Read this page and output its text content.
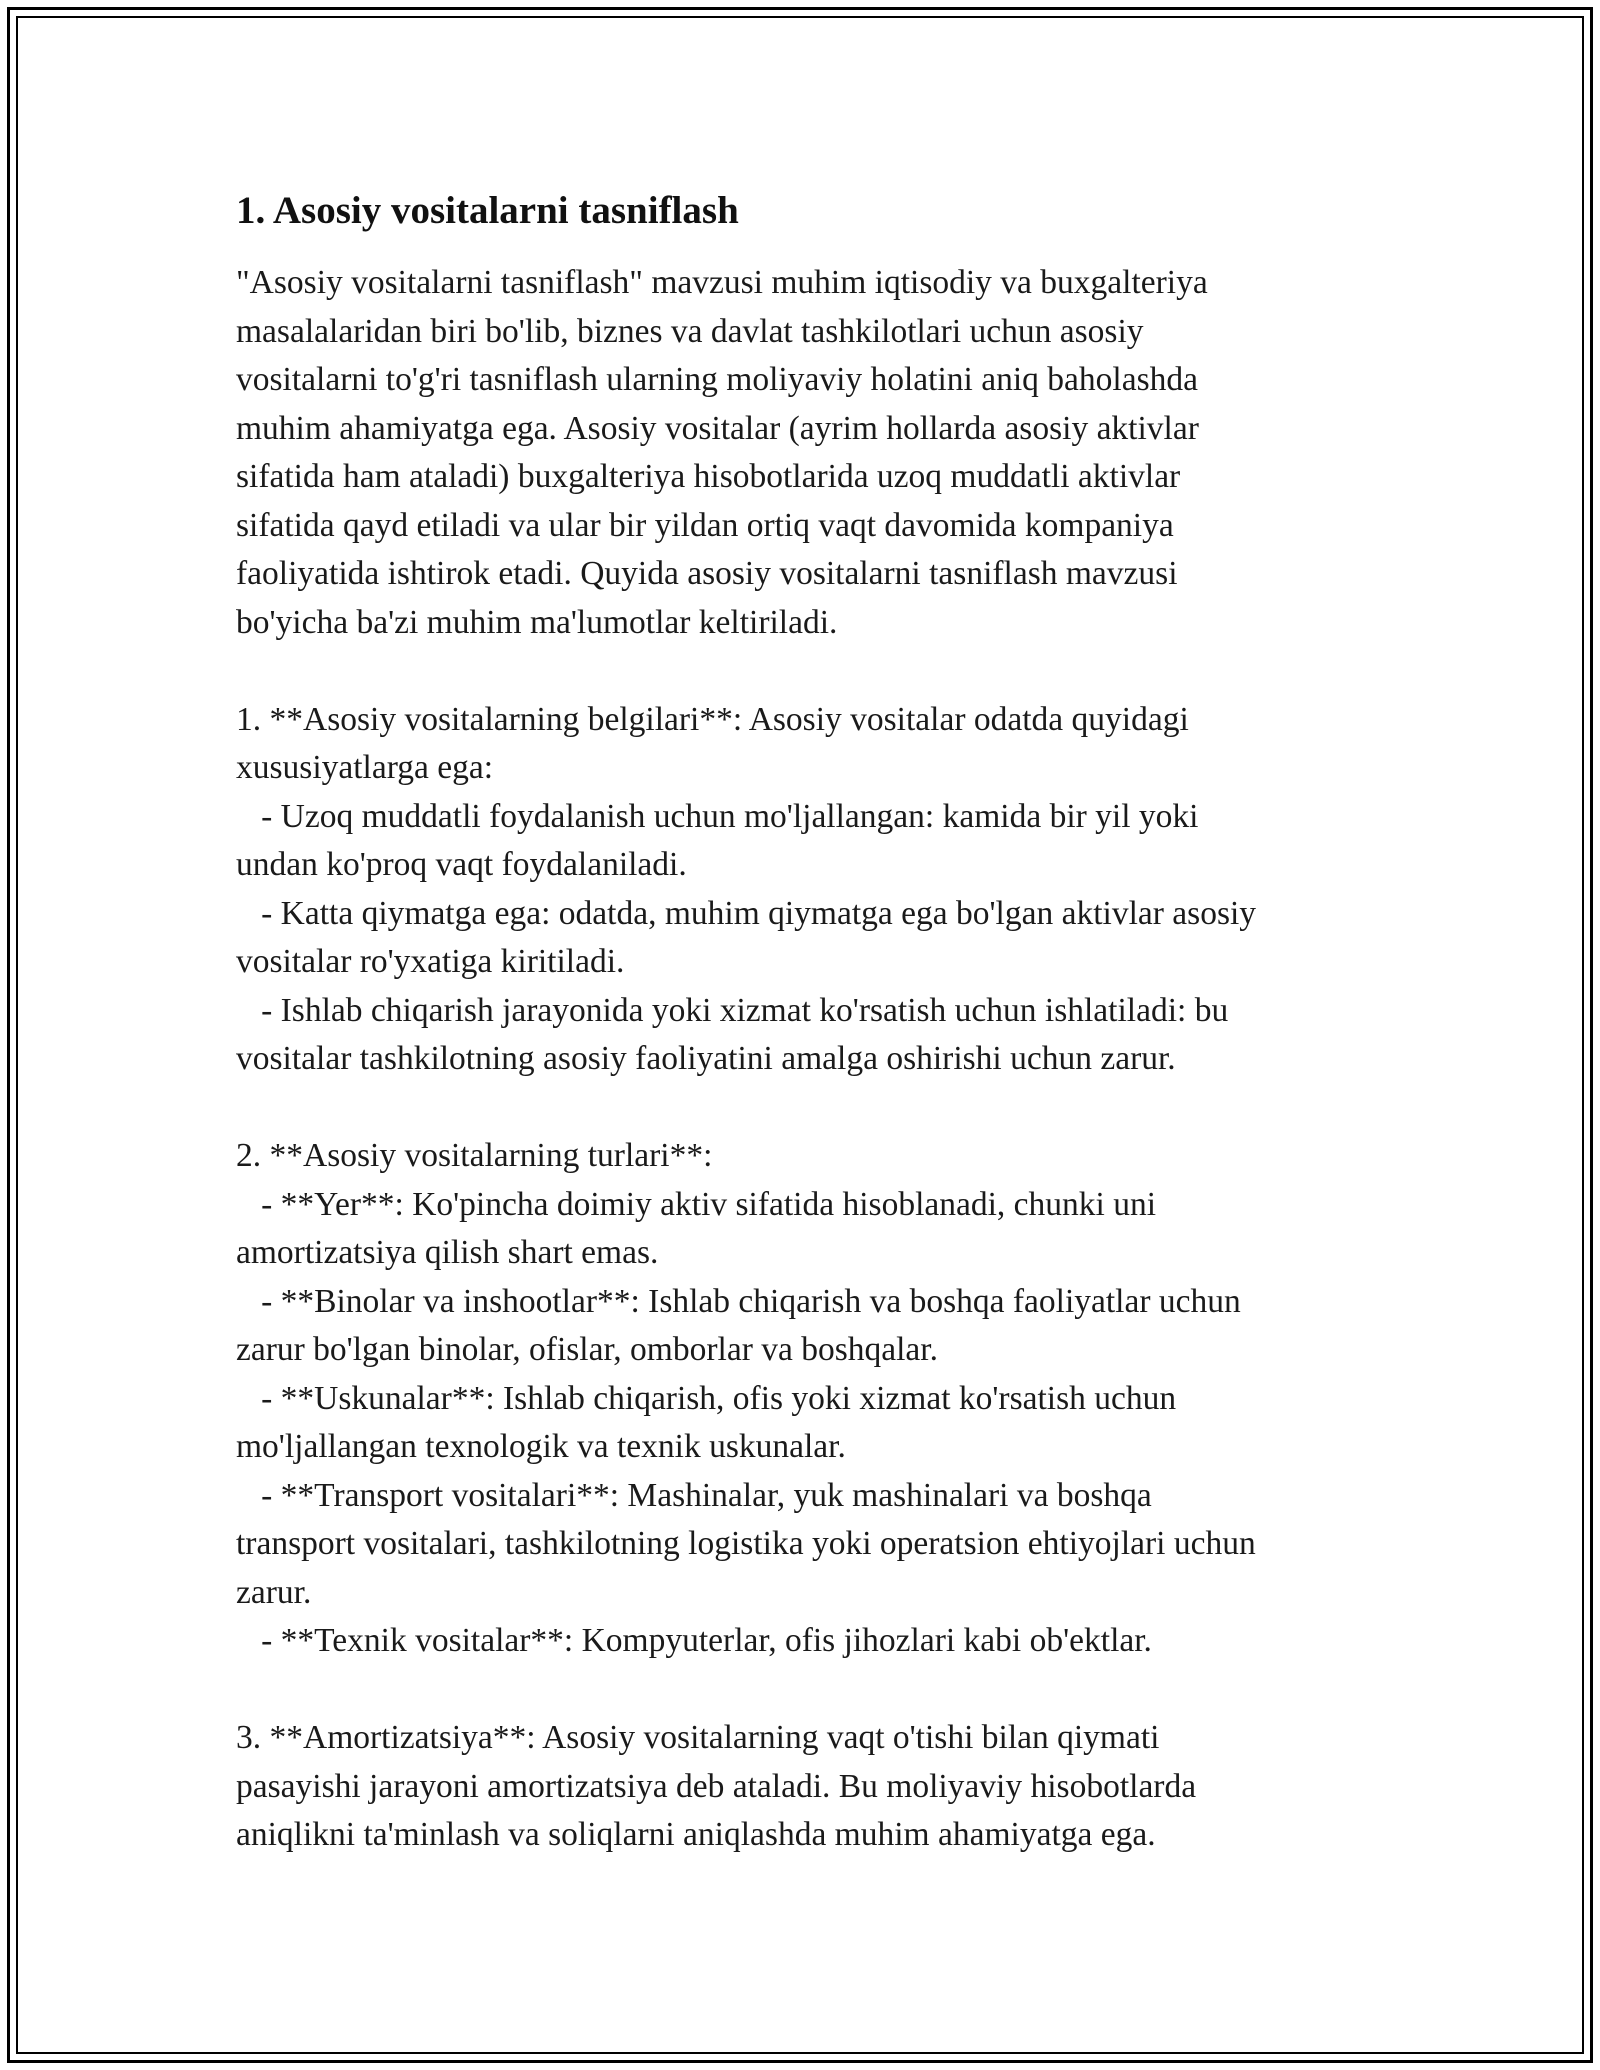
1. Asosiy vositalarni tasniflash

"Asosiy vositalarni tasniflash" mavzusi muhim iqtisodiy va buxgalteriya
masalalaridan biri bo'lib, biznes va davlat tashkilotlari uchun asosiy
vositalarni to'g'ri tasniflash ularning moliyaviy holatini aniq baholashda
muhim ahamiyatga ega. Asosiy vositalar (ayrim hollarda asosiy aktivlar
sifatida ham ataladi) buxgalteriya hisobotlarida uzoq muddatli aktivlar
sifatida qayd etiladi va ular bir yildan ortiq vaqt davomida kompaniya
faoliyatida ishtirok etadi. Quyida asosiy vositalarni tasniflash mavzusi
bo'yicha ba'zi muhim ma'lumotlar keltiriladi.

1. **Asosiy vositalarning belgilari**: Asosiy vositalar odatda quyidagi
xususiyatlarga ega:
- Uzoq muddatli foydalanish uchun mo'ljallangan: kamida bir yil yoki
undan ko'proq vaqt foydalaniladi.
- Katta qiymatga ega: odatda, muhim qiymatga ega bo'lgan aktivlar asosiy
vositalar ro'yxatiga kiritiladi.
- Ishlab chiqarish jarayonida yoki xizmat ko'rsatish uchun ishlatiladi: bu
vositalar tashkilotning asosiy faoliyatini amalga oshirishi uchun zarur.

2. **Asosiy vositalarning turlari**:
- **Yer**: Ko'pincha doimiy aktiv sifatida hisoblanadi, chunki uni
amortizatsiya qilish shart emas.
- **Binolar va inshootlar**: Ishlab chiqarish va boshqa faoliyatlar uchun
zarur bo'lgan binolar, ofislar, omborlar va boshqalar.
- **Uskunalar**: Ishlab chiqarish, ofis yoki xizmat ko'rsatish uchun
mo'ljallangan texnologik va texnik uskunalar.
- **Transport vositalari**: Mashinalar, yuk mashinalari va boshqa
transport vositalari, tashkilotning logistika yoki operatsion ehtiyojlari uchun
zarur.
- **Texnik vositalar**: Kompyuterlar, ofis jihozlari kabi ob'ektlar.

3. **Amortizatsiya**: Asosiy vositalarning vaqt o'tishi bilan qiymati
pasayishi jarayoni amortizatsiya deb ataladi. Bu moliyaviy hisobotlarda
aniqlikni ta'minlash va soliqlarni aniqlashda muhim ahamiyatga ega.
